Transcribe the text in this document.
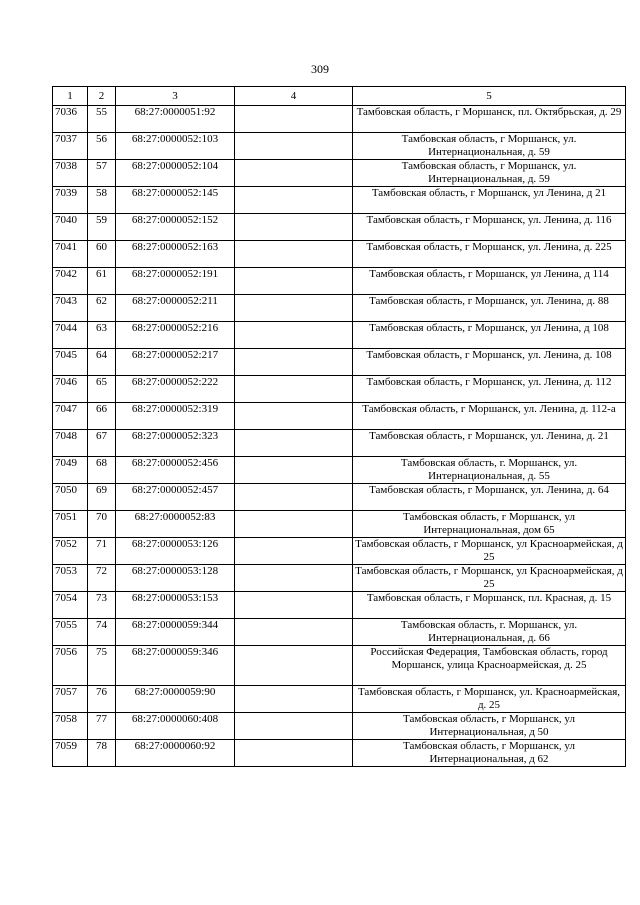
309
1	2	3	4	5
7036	55	68:27:0000051:92		Тамбовская область, г Моршанск, пл. Октябрьская, д. 29
7037	56	68:27:0000052:103		Тамбовская область, г Моршанск, ул. Интернациональная, д. 59
7038	57	68:27:0000052:104		Тамбовская область, г Моршанск, ул. Интернациональная, д. 59
7039	58	68:27:0000052:145		Тамбовская область, г Моршанск, ул Ленина, д 21
7040	59	68:27:0000052:152		Тамбовская область, г Моршанск, ул. Ленина, д. 116
7041	60	68:27:0000052:163		Тамбовская область, г Моршанск, ул. Ленина, д. 225
7042	61	68:27:0000052:191		Тамбовская область, г Моршанск, ул Ленина, д 114
7043	62	68:27:0000052:211		Тамбовская область, г Моршанск, ул. Ленина, д. 88
7044	63	68:27:0000052:216		Тамбовская область, г Моршанск, ул Ленина, д 108
7045	64	68:27:0000052:217		Тамбовская область, г Моршанск, ул. Ленина, д. 108
7046	65	68:27:0000052:222		Тамбовская область, г Моршанск, ул. Ленина, д. 112
7047	66	68:27:0000052:319		Тамбовская область, г Моршанск, ул. Ленина, д. 112-а
7048	67	68:27:0000052:323		Тамбовская область, г Моршанск, ул. Ленина, д. 21
7049	68	68:27:0000052:456		Тамбовская область, г. Моршанск, ул. Интернациональная, д. 55
7050	69	68:27:0000052:457		Тамбовская область, г Моршанск, ул. Ленина, д. 64
7051	70	68:27:0000052:83		Тамбовская область, г Моршанск, ул Интернациональная, дом 65
7052	71	68:27:0000053:126		Тамбовская область, г Моршанск, ул Красноармейская, д 25
7053	72	68:27:0000053:128		Тамбовская область, г Моршанск, ул Красноармейская, д 25
7054	73	68:27:0000053:153		Тамбовская область, г Моршанск, пл. Красная, д. 15
7055	74	68:27:0000059:344		Тамбовская область, г. Моршанск, ул. Интернациональная, д. 66
7056	75	68:27:0000059:346		Российская Федерация, Тамбовская область, город Моршанск, улица Красноармейская, д. 25
7057	76	68:27:0000059:90		Тамбовская область, г Моршанск, ул. Красноармейская, д. 25
7058	77	68:27:0000060:408		Тамбовская область, г Моршанск, ул Интернациональная, д 50
7059	78	68:27:0000060:92		Тамбовская область, г Моршанск, ул Интернациональная, д 62
